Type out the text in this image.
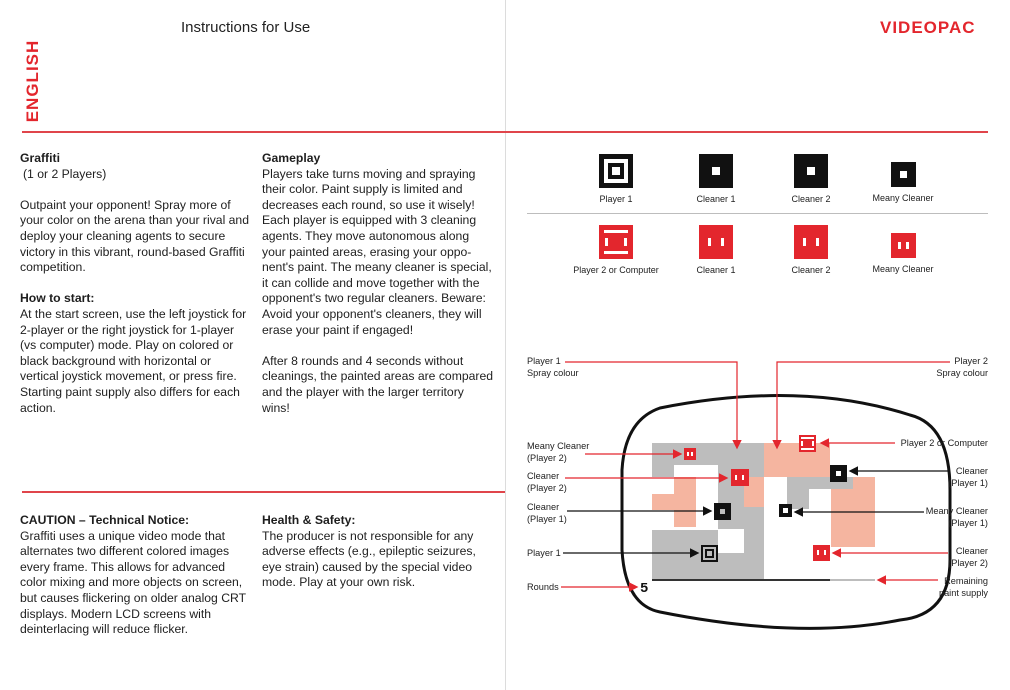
Instructions for Use
ENGLISH
VIDEOPAC
Graffiti

(1 or 2 Players)

Outpaint your opponent! Spray more of your color on the arena than your rival and deploy your cleaning agents to secure victory in this vibrant, round-based Graffiti competition.

How to start:

At the start screen, use the left joystick for 2-player or the right joystick for 1-player (vs computer) mode. Play on colored or black background with horizontal or vertical joystick movement, or press fire. Starting paint supply also differs for each action.

Gameplay

Players take turns moving and spraying their color. Paint supply is limited and decreases each round, so use it wisely! Each player is equipped with 3 cleaning agents. They move autonomous along your painted areas, erasing your oppo-nent's paint. The meany cleaner is special, it can collide and move together with the opponent's two regular cleaners. Beware: Avoid your opponent's cleaners, they will erase your paint if engaged!

After 8 rounds and 4 seconds without cleanings, the painted areas are compared and the player with the larger territory wins!

CAUTION – Technical Notice:

Graffiti uses a unique video mode that alternates two different colored images every frame. This allows for advanced color mixing and more objects on screen, but causes flickering on older analog CRT displays. Modern LCD screens with deinterlacing will reduce flicker.

Health & Safety:

The producer is not responsible for any adverse effects (e.g., epileptic seizures, eye strain) caused by the special video mode. Play at your own risk.

Player 1	Cleaner 1	Cleaner 2	Meany Cleaner
Player 2 or Computer	Cleaner 1	Cleaner 2	Meany Cleaner
5
Player 1
Spray colour
Player 2
Spray colour
Meany Cleaner
(Player 2)
Cleaner
(Player 2)
Cleaner
(Player 1)
Player 1
Rounds
Player 2 or Computer
Cleaner
(Player 1)
Meany Cleaner
(Player 1)
Cleaner
(Player 2)
Remaining
paint supply
